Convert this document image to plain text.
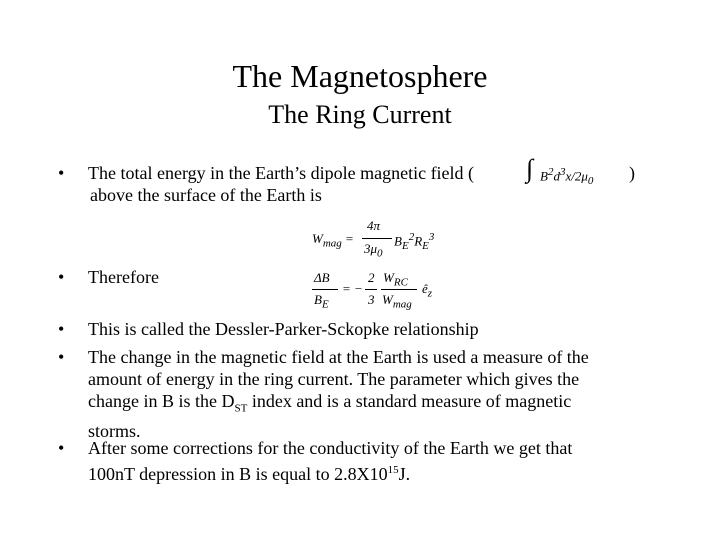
The Magnetosphere
The Ring Current
• The total energy in the Earth’s dipole magnetic field (
above the surface of the Earth is
)
∫ $B^2d^3x/2\mu_0$
$W_{mag}$ =
4π
$3\mu_0$
$B_E^2R_E^3$
• Therefore	ΔB
$B_E$
= −
2
3
$W_{RC}$
$W_{mag}$
$ê_z$
• This is called the Dessler-Parker-Sckopke relationship
• The change in the magnetic field at the Earth is used a measure of the
amount of energy in the ring current. The parameter which gives the
change in B is the $D_{ST}$ index and is a standard measure of magnetic
storms.
• After some corrections for the conductivity of the Earth we get that
100nT depression in B is equal to $2.8X10^{15}J$.
